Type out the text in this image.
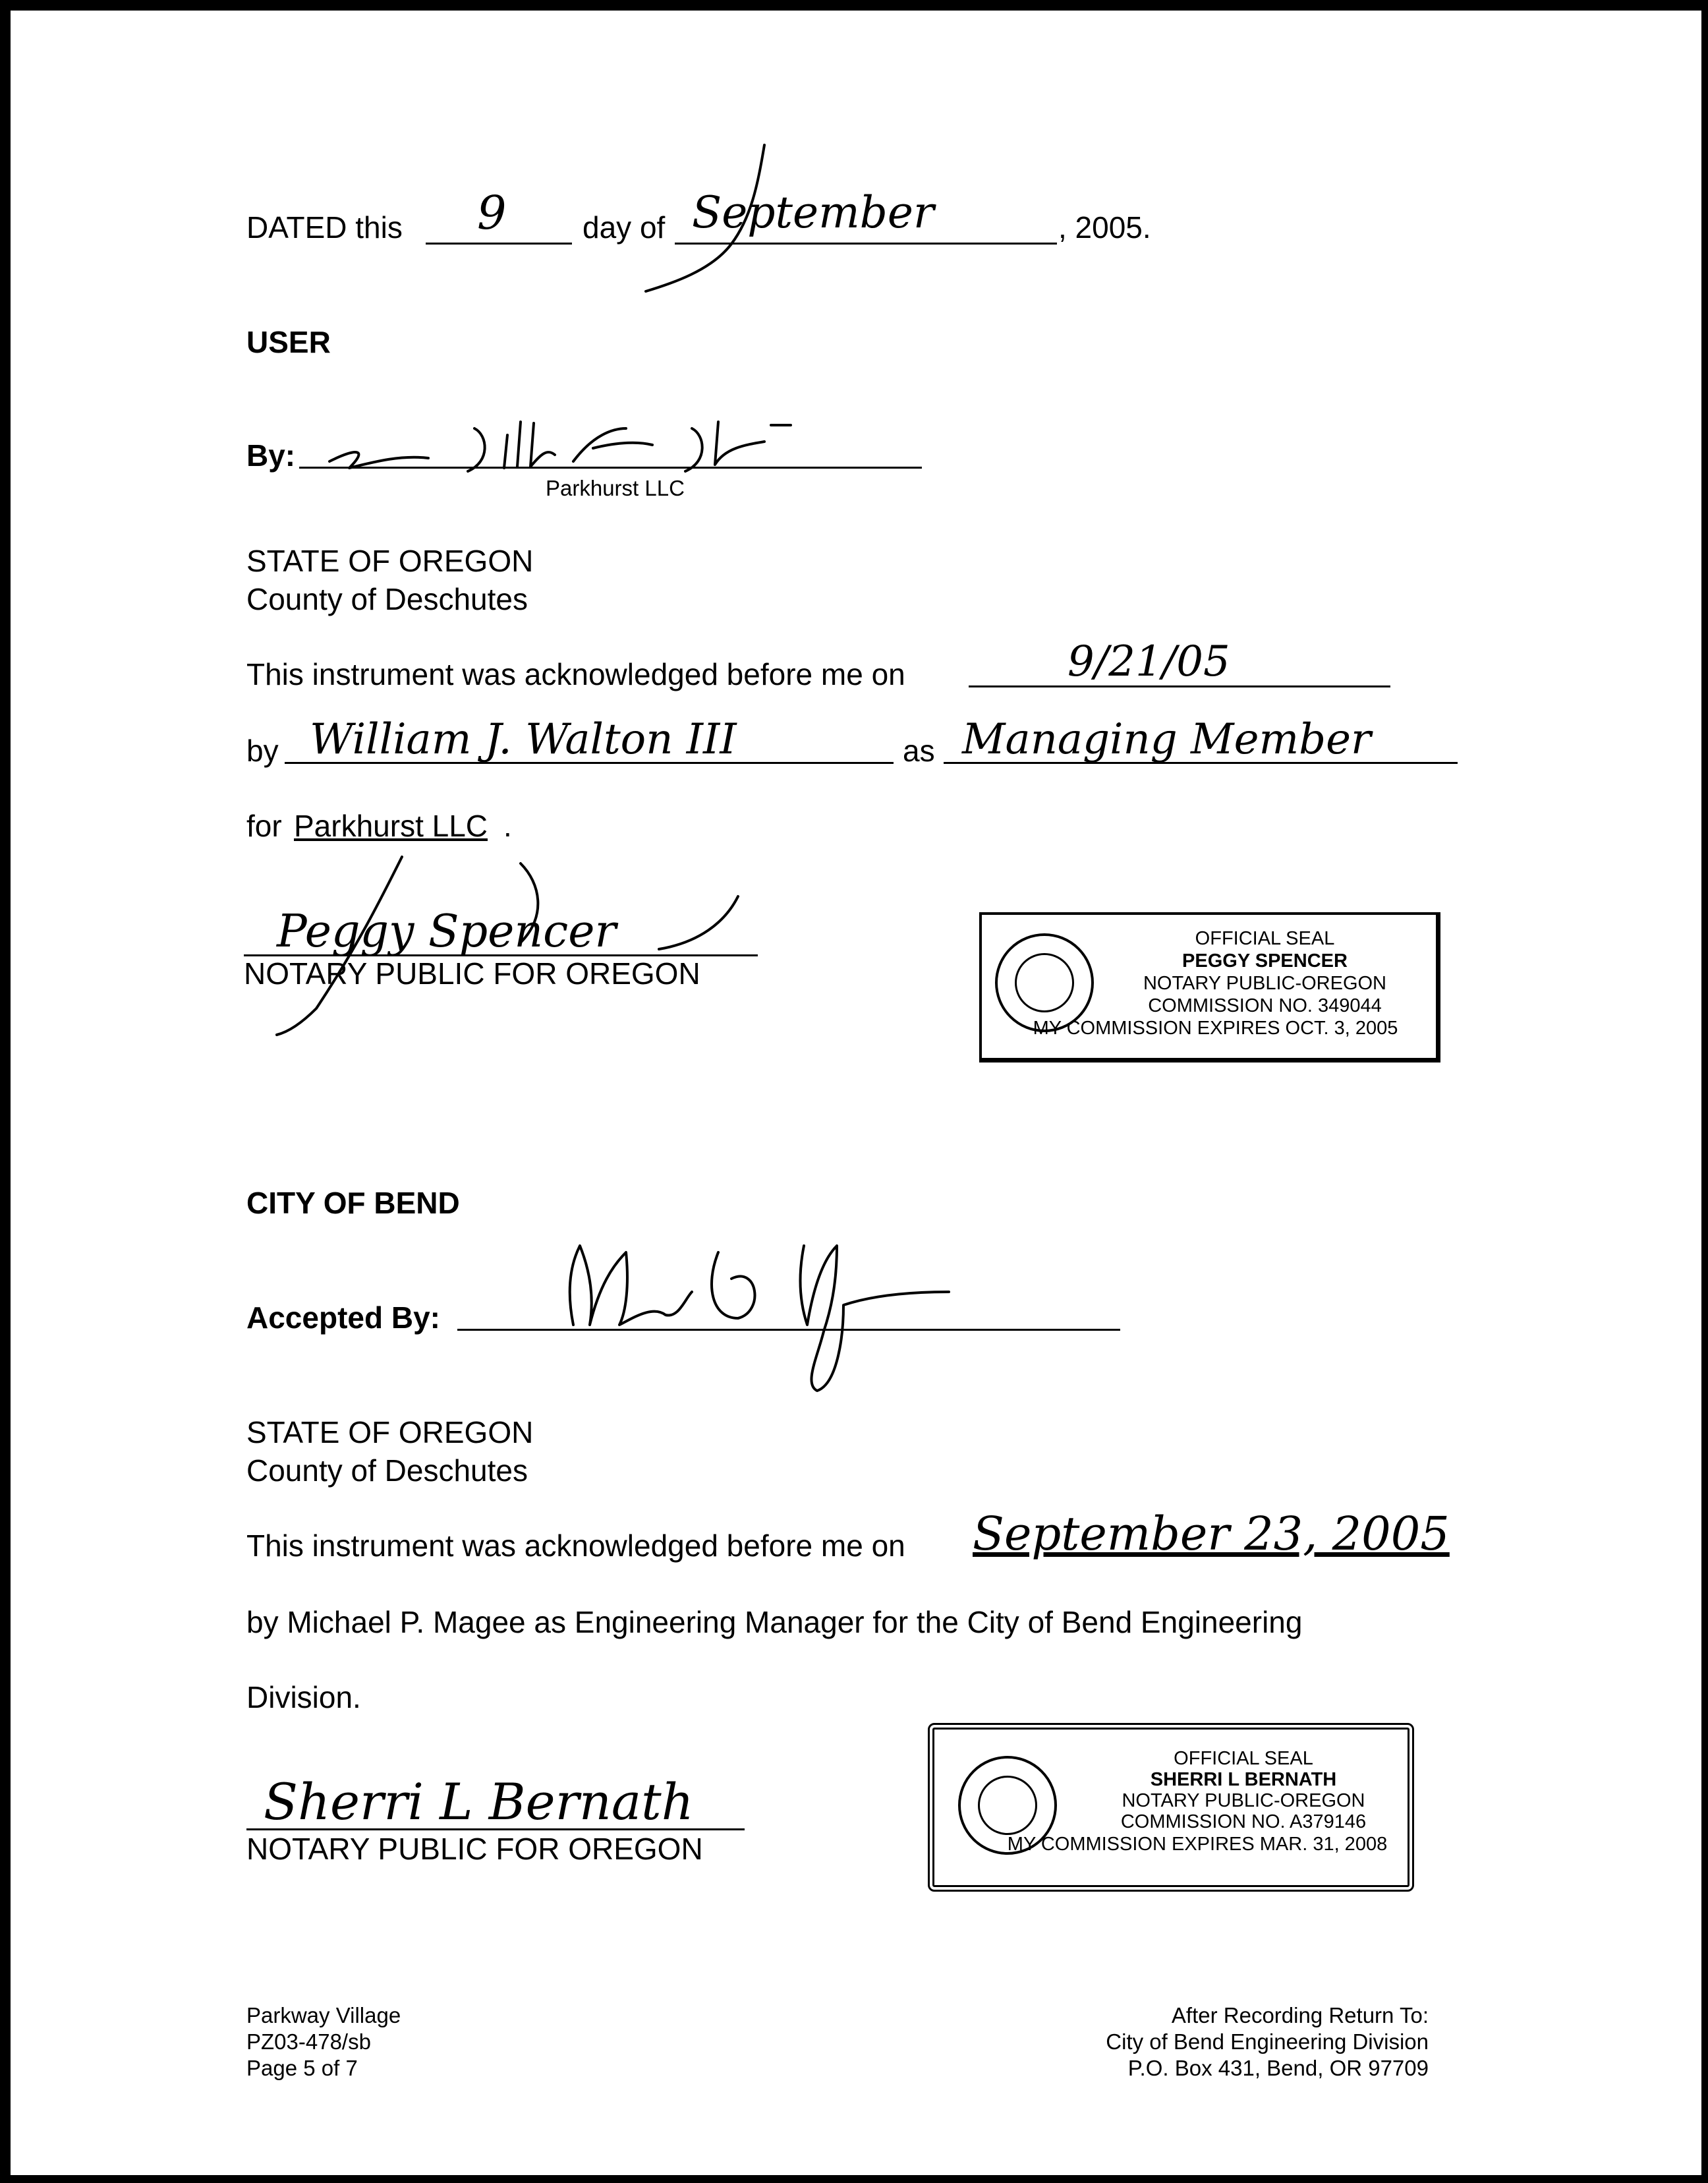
DATED this 9	day of September	, 2005.
USER
By:
Parkhurst LLC
STATE OF OREGON
County of Deschutes
This instrument was acknowledged before me on	9/21/05
by William J. Walton III	as Managing Member
for Parkhurst LLC .
Peggy Spencer
NOTARY PUBLIC FOR OREGON
OFFICIAL SEAL
PEGGY SPENCER
NOTARY PUBLIC-OREGON
COMMISSION NO. 349044
MY COMMISSION EXPIRES OCT. 3, 2005
CITY OF BEND
Accepted By:
STATE OF OREGON
County of Deschutes
This instrument was acknowledged before me on September 23, 2005
by Michael P. Magee as Engineering Manager for the City of Bend Engineering
Division.
Sherri L Bernath
NOTARY PUBLIC FOR OREGON
OFFICIAL SEAL
SHERRI L BERNATH
NOTARY PUBLIC-OREGON
COMMISSION NO. A379146
MY COMMISSION EXPIRES MAR. 31, 2008
Parkway Village
PZ03-478/sb
Page 5 of 7
After Recording Return To:
City of Bend Engineering Division
P.O. Box 431, Bend, OR 97709
